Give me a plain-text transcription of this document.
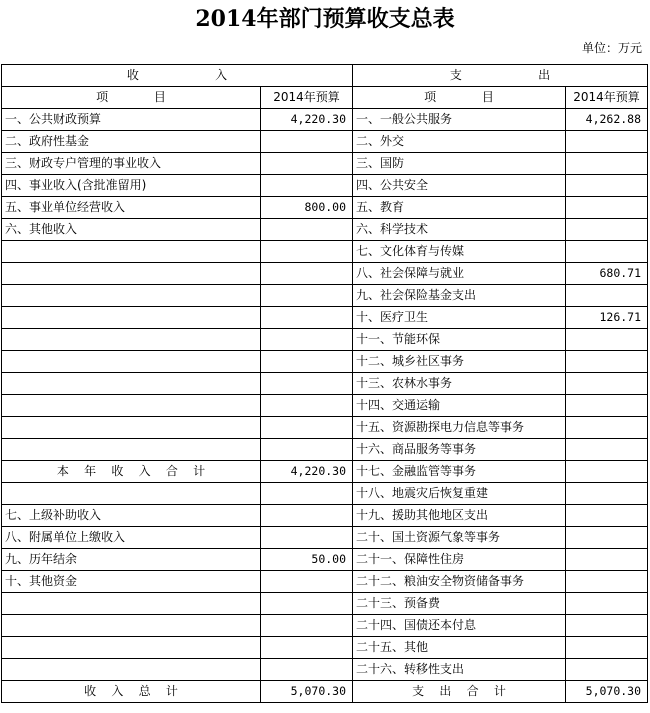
2014年部门预算收支总表
单位：万元
收                    入		支                    出	
项            目	2014年预算	项            目	2014年预算
一、公共财政预算	4,220.30	一、一般公共服务	4,262.88
二、政府性基金		二、外交	
三、财政专户管理的事业收入		三、国防	
四、事业收入(含批准留用)		四、公共安全	
五、事业单位经营收入	800.00	五、教育	
六、其他收入		六、科学技术	
		七、文化体育与传媒	
		八、社会保障与就业	680.71
		九、社会保险基金支出	
		十、医疗卫生	126.71
		十一、节能环保	
		十二、城乡社区事务	
		十三、农林水事务	
		十四、交通运输	
		十五、资源勘探电力信息等事务	
		十六、商品服务等事务	
本    年    收    入    合    计	4,220.30	十七、金融监管等事务	
		十八、地震灾后恢复重建	
七、上级补助收入		十九、援助其他地区支出	
八、附属单位上缴收入		二十、国土资源气象等事务	
九、历年结余	50.00	二十一、保障性住房	
十、其他资金		二十二、粮油安全物资储备事务	
		二十三、预备费	
		二十四、国债还本付息	
		二十五、其他	
		二十六、转移性支出	
收    入    总    计	5,070.30	支    出    合    计	5,070.30
